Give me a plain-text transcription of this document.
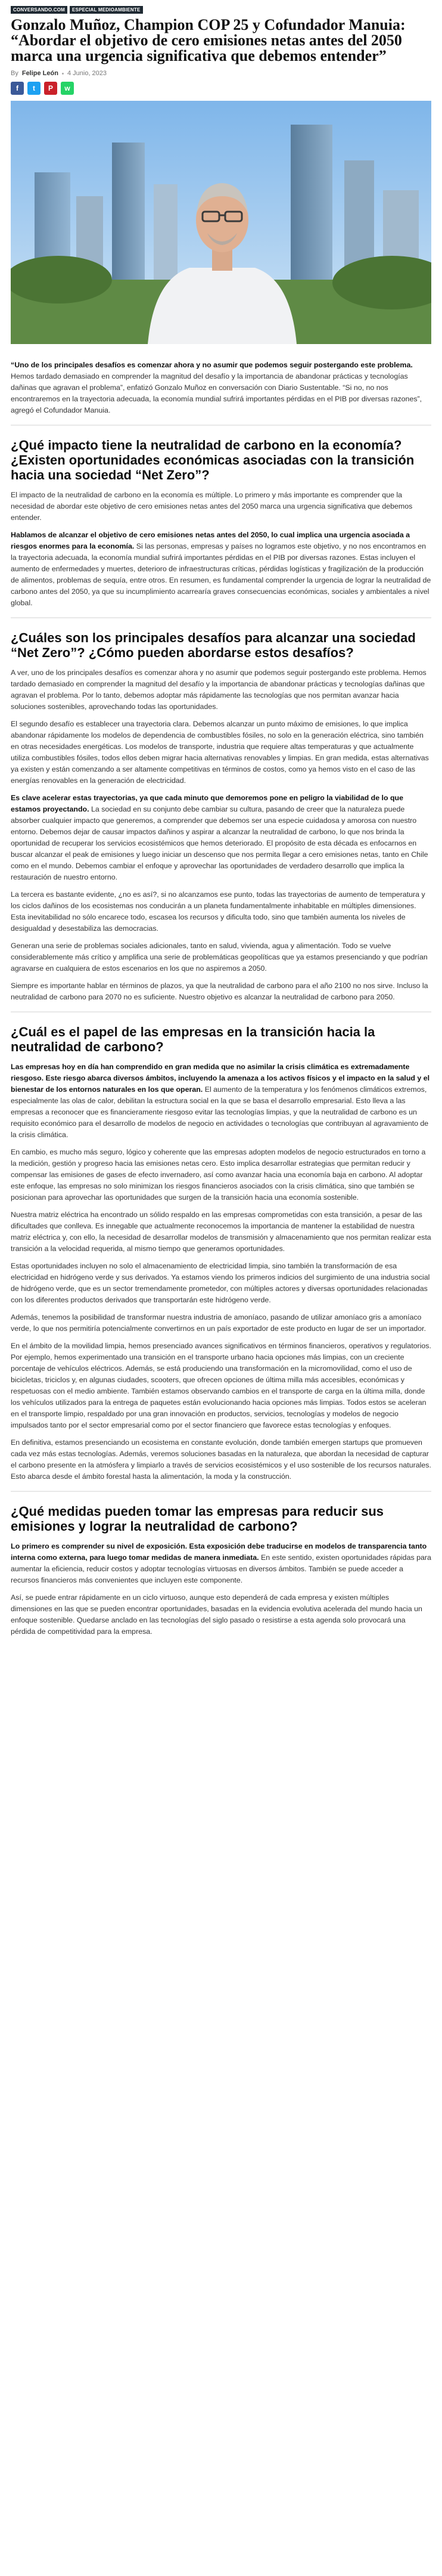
CONVERSANDO.COM	ESPECIAL MEDIOAMBIENTE
Gonzalo Muñoz, Champion COP 25 y Cofundador Manuia: “Abordar el objetivo de cero emisiones netas antes del 2050 marca una urgencia significativa que debemos entender”
By Felipe León 4 Junio, 2023
f	t	P	w

“Uno de los principales desafíos es comenzar ahora y no asumir que podemos seguir postergando este problema. Hemos tardado demasiado en comprender la magnitud del desafío y la importancia de abandonar prácticas y tecnologías dañinas que agravan el problema”, enfatizó Gonzalo Muñoz en conversación con Diario Sustentable. “Si no, no nos encontraremos en la trayectoria adecuada, la economía mundial sufrirá importantes pérdidas en el PIB por diversas razones”, agregó el Cofundador Manuia.

¿Qué impacto tiene la neutralidad de carbono en la economía? ¿Existen oportunidades económicas asociadas con la transición hacia una sociedad “Net Zero”?

El impacto de la neutralidad de carbono en la economía es múltiple. Lo primero y más importante es comprender que la necesidad de abordar este objetivo de cero emisiones netas antes del 2050 marca una urgencia significativa que debemos entender.

Hablamos de alcanzar el objetivo de cero emisiones netas antes del 2050, lo cual implica una urgencia asociada a riesgos enormes para la economía. Si las personas, empresas y países no logramos este objetivo, y no nos encontramos en la trayectoria adecuada, la economía mundial sufrirá importantes pérdidas en el PIB por diversas razones. Estas incluyen el aumento de enfermedades y muertes, deterioro de infraestructuras críticas, pérdidas logísticas y fragilización de la producción de alimentos, problemas de sequía, entre otros. En resumen, es fundamental comprender la urgencia de lograr la neutralidad de carbono antes del 2050, ya que su incumplimiento acarrearía graves consecuencias económicas, sociales y ambientales a nivel global.

¿Cuáles son los principales desafíos para alcanzar una sociedad “Net Zero”? ¿Cómo pueden abordarse estos desafíos?

A ver, uno de los principales desafíos es comenzar ahora y no asumir que podemos seguir postergando este problema. Hemos tardado demasiado en comprender la magnitud del desafío y la importancia de abandonar prácticas y tecnologías dañinas que agravan el problema. Por lo tanto, debemos adoptar más rápidamente las tecnologías que nos permitan avanzar hacia soluciones sostenibles, aprovechando todas las oportunidades.

El segundo desafío es establecer una trayectoria clara. Debemos alcanzar un punto máximo de emisiones, lo que implica abandonar rápidamente los modelos de dependencia de combustibles fósiles, no solo en la generación eléctrica, sino también en otras necesidades energéticas. Los modelos de transporte, industria que requiere altas temperaturas y que actualmente utiliza combustibles fósiles, todos ellos deben migrar hacia alternativas renovables y limpias. En gran medida, estas alternativas ya existen y están comenzando a ser altamente competitivas en términos de costos, como ya hemos visto en el caso de las energías renovables en la generación de electricidad.

Es clave acelerar estas trayectorias, ya que cada minuto que demoremos pone en peligro la viabilidad de lo que estamos proyectando. La sociedad en su conjunto debe cambiar su cultura, pasando de creer que la naturaleza puede absorber cualquier impacto que generemos, a comprender que debemos ser una especie cuidadosa y amorosa con nuestro entorno. Debemos dejar de causar impactos dañinos y aspirar a alcanzar la neutralidad de carbono, lo que nos brinda la oportunidad de recuperar los servicios ecosistémicos que hemos deteriorado. El propósito de esta década es enfocarnos en buscar alcanzar el peak de emisiones y luego iniciar un descenso que nos permita llegar a cero emisiones netas, tanto en Chile como en el mundo. Debemos cambiar el enfoque y aprovechar las oportunidades de verdadero desarrollo que implica la restauración de nuestro entorno.

La tercera es bastante evidente, ¿no es así?, si no alcanzamos ese punto, todas las trayectorias de aumento de temperatura y los ciclos dañinos de los ecosistemas nos conducirán a un planeta fundamentalmente inhabitable en múltiples dimensiones. Esta inevitabilidad no sólo encarece todo, escasea los recursos y dificulta todo, sino que también aumenta los niveles de desigualdad y desestabiliza las democracias.

Generan una serie de problemas sociales adicionales, tanto en salud, vivienda, agua y alimentación. Todo se vuelve considerablemente más crítico y amplifica una serie de problemáticas geopolíticas que ya estamos presenciando y que podrían agravarse en cualquiera de estos escenarios en los que no aspiremos a 2050.

Siempre es importante hablar en términos de plazos, ya que la neutralidad de carbono para el año 2100 no nos sirve. Incluso la neutralidad de carbono para 2070 no es suficiente. Nuestro objetivo es alcanzar la neutralidad de carbono para 2050.

¿Cuál es el papel de las empresas en la transición hacia la neutralidad de carbono?

Las empresas hoy en día han comprendido en gran medida que no asimilar la crisis climática es extremadamente riesgoso. Este riesgo abarca diversos ámbitos, incluyendo la amenaza a los activos físicos y el impacto en la salud y el bienestar de los entornos naturales en los que operan. El aumento de la temperatura y los fenómenos climáticos extremos, especialmente las olas de calor, debilitan la estructura social en la que se basa el desarrollo empresarial. Esto lleva a las empresas a reconocer que es financieramente riesgoso evitar las tecnologías limpias, y que la neutralidad de carbono es un requisito económico para el desarrollo de modelos de negocio en actividades o tecnologías que contribuyan al agravamiento de la crisis climática.

En cambio, es mucho más seguro, lógico y coherente que las empresas adopten modelos de negocio estructurados en torno a la medición, gestión y progreso hacia las emisiones netas cero. Esto implica desarrollar estrategias que permitan reducir y compensar las emisiones de gases de efecto invernadero, así como avanzar hacia una economía baja en carbono. Al adoptar este enfoque, las empresas no solo minimizan los riesgos financieros asociados con la crisis climática, sino que también se posicionan para aprovechar las oportunidades que surgen de la transición hacia una economía sostenible.

Nuestra matriz eléctrica ha encontrado un sólido respaldo en las empresas comprometidas con esta transición, a pesar de las dificultades que conlleva. Es innegable que actualmente reconocemos la importancia de mantener la estabilidad de nuestra matriz eléctrica y, con ello, la necesidad de desarrollar modelos de transmisión y almacenamiento que nos permitan realizar esta transición a la velocidad requerida, al mismo tiempo que generamos oportunidades.

Estas oportunidades incluyen no solo el almacenamiento de electricidad limpia, sino también la transformación de esa electricidad en hidrógeno verde y sus derivados. Ya estamos viendo los primeros indicios del surgimiento de una industria social de hidrógeno verde, que es un sector tremendamente prometedor, con múltiples actores y diversas oportunidades relacionadas con los diferentes productos derivados que transportarán este hidrógeno verde.

Además, tenemos la posibilidad de transformar nuestra industria de amoníaco, pasando de utilizar amoníaco gris a amoníaco verde, lo que nos permitiría potencialmente convertirnos en un país exportador de este producto en lugar de ser un importador.

En el ámbito de la movilidad limpia, hemos presenciado avances significativos en términos financieros, operativos y regulatorios. Por ejemplo, hemos experimentado una transición en el transporte urbano hacia opciones más limpias, con un creciente porcentaje de vehículos eléctricos. Además, se está produciendo una transformación en la micromovilidad, como el uso de bicicletas, triciclos y, en algunas ciudades, scooters, que ofrecen opciones de última milla más accesibles, económicas y respetuosas con el medio ambiente. También estamos observando cambios en el transporte de carga en la última milla, donde los vehículos utilizados para la entrega de paquetes están evolucionando hacia opciones más limpias. Todos estos se aceleran en el transporte limpio, respaldado por una gran innovación en productos, servicios, tecnologías y modelos de negocio impulsados tanto por el sector empresarial como por el sector financiero que favorece estas tecnologías y enfoques.

En definitiva, estamos presenciando un ecosistema en constante evolución, donde también emergen startups que promueven cada vez más estas tecnologías. Además, veremos soluciones basadas en la naturaleza, que abordan la necesidad de capturar el carbono presente en la atmósfera y limpiarlo a través de servicios ecosistémicos y el uso sostenible de los recursos naturales. Esto abarca desde el ámbito forestal hasta la alimentación, la moda y la construcción.

¿Qué medidas pueden tomar las empresas para reducir sus emisiones y lograr la neutralidad de carbono?

Lo primero es comprender su nivel de exposición. Esta exposición debe traducirse en modelos de transparencia tanto interna como externa, para luego tomar medidas de manera inmediata. En este sentido, existen oportunidades rápidas para aumentar la eficiencia, reducir costos y adoptar tecnologías virtuosas en diversos ámbitos. También se puede acceder a recursos financieros más convenientes que incluyen este componente.

Así, se puede entrar rápidamente en un ciclo virtuoso, aunque esto dependerá de cada empresa y existen múltiples dimensiones en las que se pueden encontrar oportunidades, basadas en la evidencia evolutiva acelerada del mundo hacia un enfoque sostenible. Quedarse anclado en las tecnologías del siglo pasado o resistirse a esta agenda solo provocará una pérdida de competitividad para la empresa.
